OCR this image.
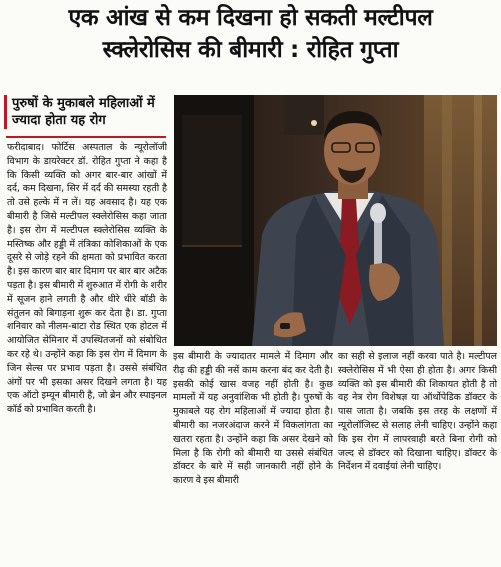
एक आंख से कम दिखना हो सकती मल्टीपल
स्क्लेरोसिस की बीमारी : रोहित गुप्ता
पुरुषों के मुकाबले महिलाओं में ज्यादा होता यह रोग

फरीदाबाद। फोर्टिस अस्पताल के न्यूरोलॉजी विभाग के डायरेक्टर डॉ. रोहित गुप्ता ने कहा है कि किसी व्यक्ति को अगर बार-बार आंखों में दर्द, कम दिखना, सिर में दर्द की समस्या रहती है तो उसे हल्के में न लें। यह अवसाद है। यह एक बीमारी है जिसे मल्टीपल स्क्लेरोसिस कहा जाता है। इस रोग में मल्टीपल स्क्लेरोसिस व्यक्ति के मस्तिष्क और हड्डी में तंत्रिका कोशिकाओं के एक दूसरे से जोड़े रहने की क्षमता को प्रभावित करता है। इस कारण बार बार दिमाग पर बार बार अटैक पड़ता है। इस बीमारी में शुरुआत में रोगी के शरीर में सूजन हाने लगती है और धीरे धीरे बॉडी के संतुलन को बिगाड़ना शुरू कर देता है। डा. गुप्ता शनिवार को नीलम-बाटा रोड स्थित एक होटल में आयोजित सेमिनार में उपस्थितजनों को संबोधित कर रहे थे। उन्होंने कहा कि इस रोग में दिमाग के जिन सेल्स पर प्रभाव पड़ता है। उससे संबंधित अंगों पर भी इसका असर दिखने लगता है। यह एक ऑटो इम्यून बीमारी है, जो ब्रेन और स्पाइनल कॉर्ड को प्रभावित करती है।

इस बीमारी के ज्यादातर मामले में दिमाग और रीढ़ की हड्डी की नसें काम करना बंद कर देती है। इसकी कोई खास वजह नहीं होती है। कुछ मामलों में यह अनुवांशिक भी होती है। पुरुषों के मुकाबले यह रोग महिलाओं में ज्यादा होता है। बीमारी का नजरअंदाज करने में विकलांगता का खतरा रहता है। उन्होंने कहा कि असर देखने को मिला है कि रोगी को बीमारी या उससे संबंधित डॉक्टर के बारे में सही जानकारी नहीं होने के कारण वे इस बीमारी

का सही से इलाज नहीं करवा पाते है। मल्टीपल स्क्लेरोसिस में भी ऐसा ही होता है। अगर किसी व्यक्ति को इस बीमारी की शिकायत होती है तो वह नेत्र रोग विशेषज्ञ या ऑर्थोपेडिक डॉक्टर के पास जाता है। जबकि इस तरह के लक्षणों में न्यूरोलॉजिस्ट से सलाह लेनी चाहिए। उन्होंने कहा कि इस रोग में लापरवाही बरते बिना रोगी को जल्द से डॉक्टर को दिखाना चाहिए। डॉक्टर के निर्देशन में दवाईयां लेनी चाहिए।
